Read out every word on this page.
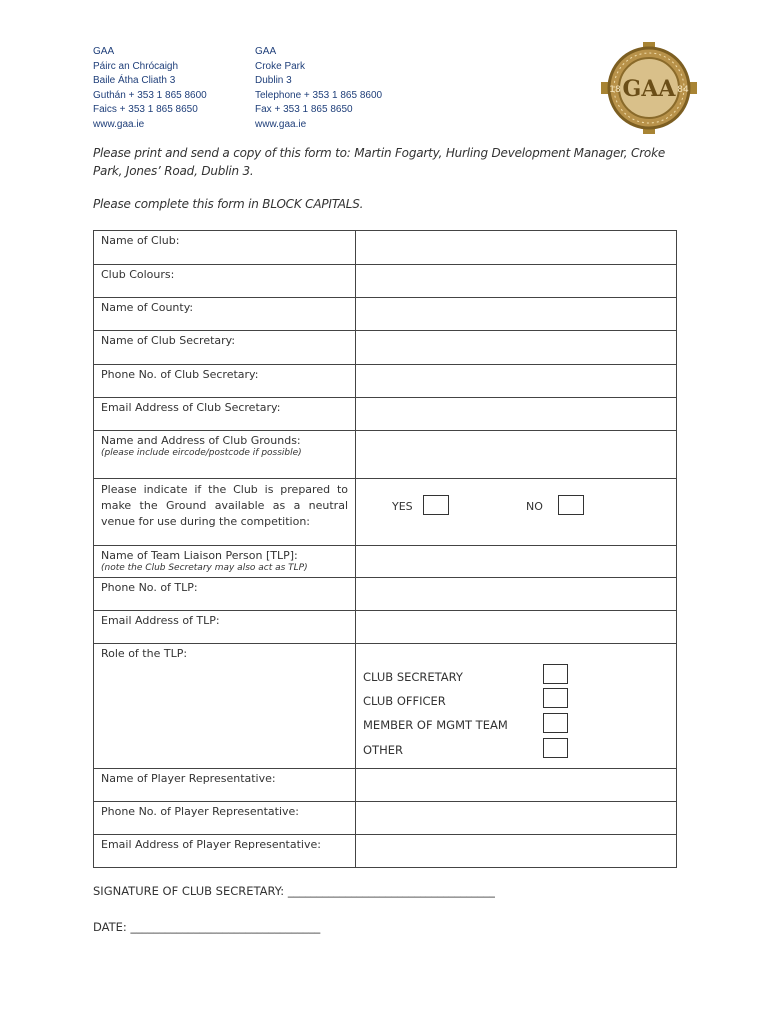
GAA
Páirc an Chrócaigh
Baile Átha Cliath 3
Guthán + 353 1 865 8600
Faics + 353 1 865 8650
www.gaa.ie
GAA
Croke Park
Dublin 3
Telephone + 353 1 865 8600
Fax + 353 1 865 8650
www.gaa.ie
GAA
18	84
Please print and send a copy of this form to: Martin Fogarty, Hurling Development Manager, Croke Park, Jones’ Road, Dublin 3.
Please complete this form in BLOCK CAPITALS.
Name of Club:	
Club Colours:	
Name of County:	
Name of Club Secretary:	
Phone No. of Club Secretary:	
Email Address of Club Secretary:	

Name and Address of Club Grounds:
(please include eircode/postcode if possible)	

Please indicate if the Club is prepared to make the Ground available as a neutral venue for use during the competition:	YES NO

Name of Team Liaison Person [TLP]:
(note the Club Secretary may also act as TLP)	

Phone No. of TLP:	
Email Address of TLP:	
Role of the TLP:	CLUB SECRETARY
CLUB OFFICER
MEMBER OF MGMT TEAM
OTHER

Name of Player Representative:	
Phone No. of Player Representative:	
Email Address of Player Representative:	
SIGNATURE OF CLUB SECRETARY: ____________________________________
DATE: _________________________________
